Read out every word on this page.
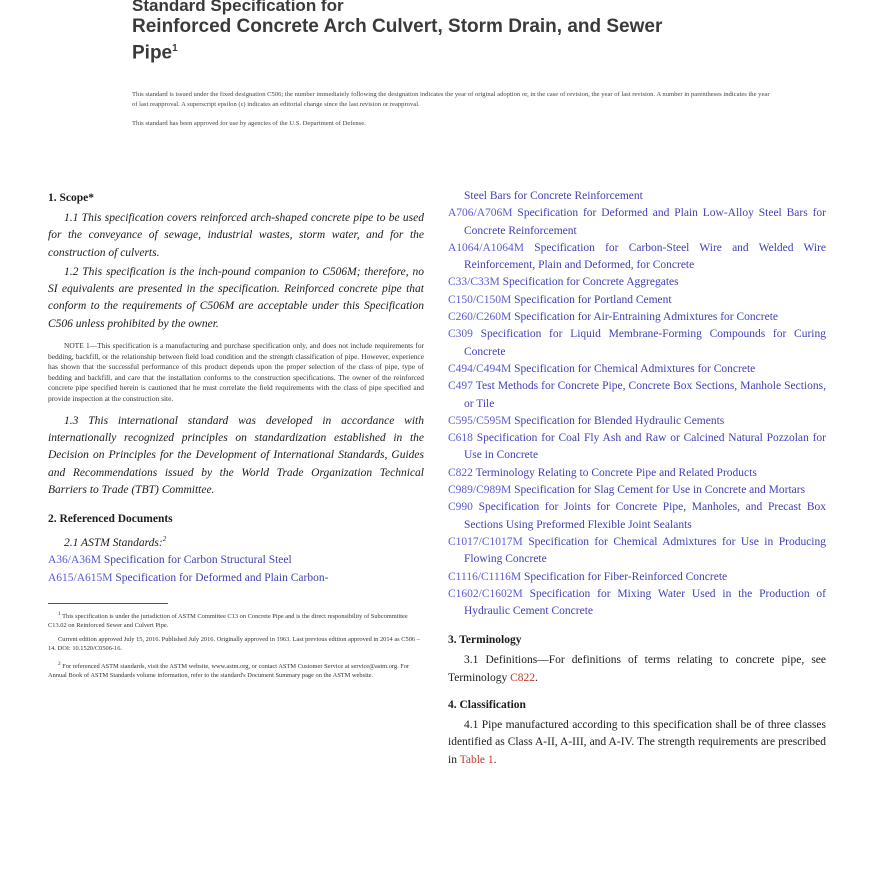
Standard Specification for
Reinforced Concrete Arch Culvert, Storm Drain, and Sewer
Pipe$^1$

This standard is issued under the fixed designation C506; the number immediately following the designation indicates the year of original adoption or, in the case of revision, the year of last revision. A number in parentheses indicates the year of last reapproval. A superscript epsilon (ε) indicates an editorial change since the last revision or reapproval.

This standard has been approved for use by agencies of the U.S. Department of Defense.

1. Scope*

1.1 This specification covers reinforced arch-shaped concrete pipe to be used for the conveyance of sewage, industrial wastes, storm water, and for the construction of culverts.

1.2 This specification is the inch-pound companion to C506M; therefore, no SI equivalents are presented in the specification. Reinforced concrete pipe that conform to the requirements of C506M are acceptable under this Specification C506 unless prohibited by the owner.

NOTE 1—This specification is a manufacturing and purchase specification only, and does not include requirements for bedding, backfill, or the relationship between field load condition and the strength classification of pipe. However, experience has shown that the successful performance of this product depends upon the proper selection of the class of pipe, type of bedding and backfill, and care that the installation conforms to the construction specifications. The owner of the reinforced concrete pipe specified herein is cautioned that he must correlate the field requirements with the class of pipe specified and provide inspection at the construction site.

1.3 This international standard was developed in accordance with internationally recognized principles on standardization established in the Decision on Principles for the Development of International Standards, Guides and Recommendations issued by the World Trade Organization Technical Barriers to Trade (TBT) Committee.

2. Referenced Documents

2.1 ASTM Standards:$^2$

A36/A36M Specification for Carbon Structural Steel
A615/A615M Specification for Deformed and Plain Carbon-

$^1$ This specification is under the jurisdiction of ASTM Committee C13 on Concrete Pipe and is the direct responsibility of Subcommittee C13.02 on Reinforced Sewer and Culvert Pipe.

Current edition approved July 15, 2016. Published July 2016. Originally approved in 1963. Last previous edition approved in 2014 as C506 – 14. DOI: 10.1520/C0506-16.

$^2$ For referenced ASTM standards, visit the ASTM website, www.astm.org, or contact ASTM Customer Service at service@astm.org. For Annual Book of ASTM Standards volume information, refer to the standard's Document Summary page on the ASTM website.

Steel Bars for Concrete Reinforcement
A706/A706M Specification for Deformed and Plain Low-Alloy Steel Bars for Concrete Reinforcement
A1064/A1064M Specification for Carbon-Steel Wire and Welded Wire Reinforcement, Plain and Deformed, for Concrete
C33/C33M Specification for Concrete Aggregates
C150/C150M Specification for Portland Cement
C260/C260M Specification for Air-Entraining Admixtures for Concrete
C309 Specification for Liquid Membrane-Forming Compounds for Curing Concrete
C494/C494M Specification for Chemical Admixtures for Concrete
C497 Test Methods for Concrete Pipe, Concrete Box Sections, Manhole Sections, or Tile
C595/C595M Specification for Blended Hydraulic Cements
C618 Specification for Coal Fly Ash and Raw or Calcined Natural Pozzolan for Use in Concrete
C822 Terminology Relating to Concrete Pipe and Related Products
C989/C989M Specification for Slag Cement for Use in Concrete and Mortars
C990 Specification for Joints for Concrete Pipe, Manholes, and Precast Box Sections Using Preformed Flexible Joint Sealants
C1017/C1017M Specification for Chemical Admixtures for Use in Producing Flowing Concrete
C1116/C1116M Specification for Fiber-Reinforced Concrete
C1602/C1602M Specification for Mixing Water Used in the Production of Hydraulic Cement Concrete

3. Terminology

3.1 Definitions—For definitions of terms relating to concrete pipe, see Terminology C822.

4. Classification

4.1 Pipe manufactured according to this specification shall be of three classes identified as Class A-II, A-III, and A-IV. The strength requirements are prescribed in Table 1.
